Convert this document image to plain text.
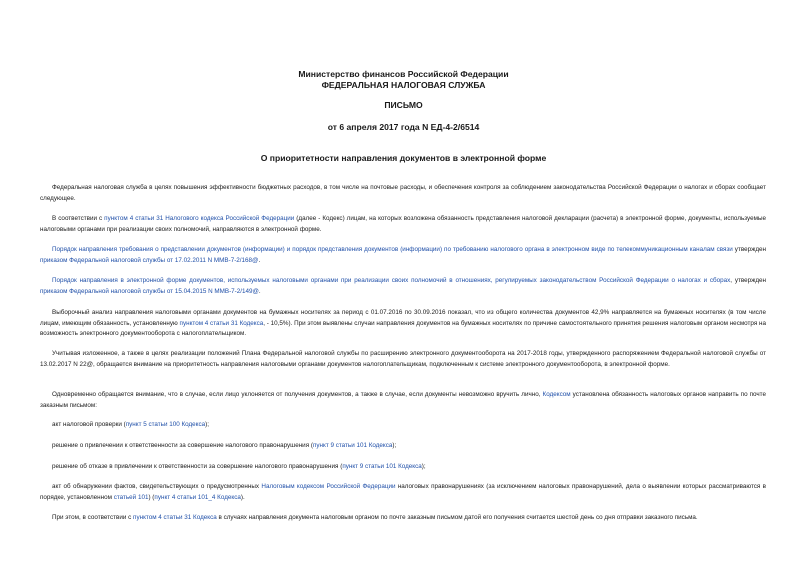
Министерство финансов Российской Федерации

ФЕДЕРАЛЬНАЯ НАЛОГОВАЯ СЛУЖБА

ПИСЬМО

от 6 апреля 2017 года N ЕД-4-2/6514

О приоритетности направления документов в электронной форме

Федеральная налоговая служба в целях повышения эффективности бюджетных расходов, в том числе на почтовые расходы, и обеспечения контроля за соблюдением законодательства Российской Федерации о налогах и сборах сообщает следующее.

В соответствии с пунктом 4 статьи 31 Налогового кодекса Российской Федерации (далее - Кодекс) лицам, на которых возложена обязанность представления налоговой декларации (расчета) в электронной форме, документы, используемые налоговыми органами при реализации своих полномочий, направляются в электронной форме.

Порядок направления требования о представлении документов (информации) и порядок представления документов (информации) по требованию налогового органа в электронном виде по телекоммуникационным каналам связи утвержден приказом Федеральной налоговой службы от 17.02.2011 N ММВ-7-2/168@.

Порядок направления в электронной форме документов, используемых налоговыми органами при реализации своих полномочий в отношениях, регулируемых законодательством Российской Федерации о налогах и сборах, утвержден приказом Федеральной налоговой службы от 15.04.2015 N ММВ-7-2/149@.

Выборочный анализ направления налоговыми органами документов на бумажных носителях за период с 01.07.2016 по 30.09.2016 показал, что из общего количества документов 42,9% направляется на бумажных носителях (в том числе лицам, имеющим обязанность, установленную пунктом 4 статьи 31 Кодекса, - 10,5%). При этом выявлены случаи направления документов на бумажных носителях по причине самостоятельного принятия решения налоговым органом несмотря на возможность электронного документооборота с налогоплательщиком.

Учитывая изложенное, а также в целях реализации положений Плана Федеральной налоговой службы по расширению электронного документооборота на 2017-2018 годы, утвержденного распоряжением Федеральной налоговой службы от 13.02.2017 N 22@, обращается внимание на приоритетность направления налоговыми органами документов налогоплательщикам, подключенным к системе электронного документооборота, в электронной форме.

Одновременно обращается внимание, что в случае, если лицо уклоняется от получения документов, а также в случае, если документы невозможно вручить лично, Кодексом установлена обязанность налоговых органов направить по почте заказным письмом:

акт налоговой проверки (пункт 5 статьи 100 Кодекса);

решение о привлечении к ответственности за совершение налогового правонарушения (пункт 9 статьи 101 Кодекса);

решение об отказе в привлечении к ответственности за совершение налогового правонарушения (пункт 9 статьи 101 Кодекса);

акт об обнаружении фактов, свидетельствующих о предусмотренных Налоговым кодексом Российской Федерации налоговых правонарушениях (за исключением налоговых правонарушений, дела о выявлении которых рассматриваются в порядке, установленном статьей 101) (пункт 4 статьи 101_4 Кодекса).

При этом, в соответствии с пунктом 4 статьи 31 Кодекса в случаях направления документа налоговым органом по почте заказным письмом датой его получения считается шестой день со дня отправки заказного письма.
